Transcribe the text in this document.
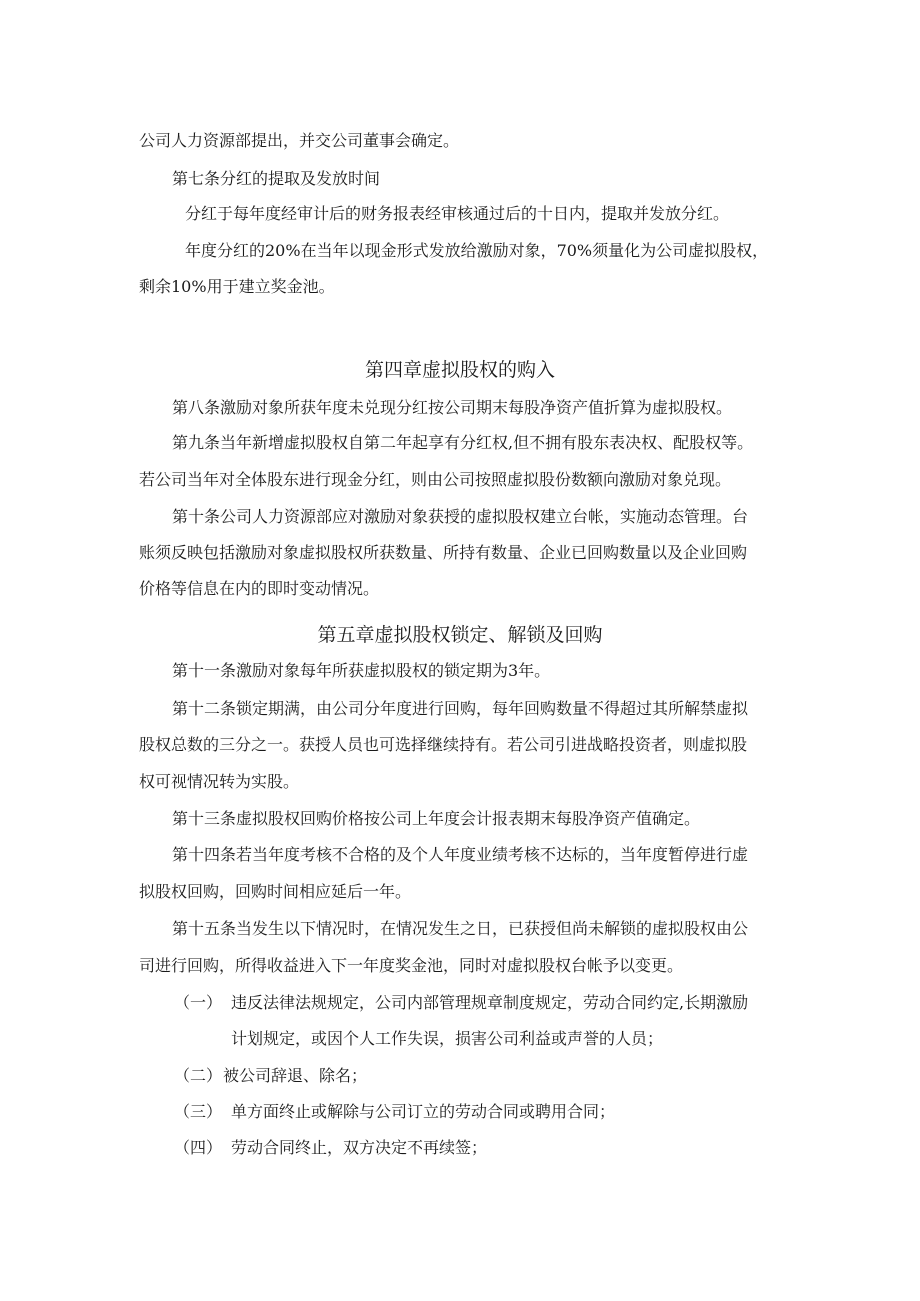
公司人力资源部提出，并交公司董事会确定。
第七条分红的提取及发放时间
分红于每年度经审计后的财务报表经审核通过后的十日内，提取并发放分红。
年度分红的20%在当年以现金形式发放给激励对象，70%须量化为公司虚拟股权，
剩余10%用于建立奖金池。
第四章虚拟股权的购入
第八条激励对象所获年度未兑现分红按公司期末每股净资产值折算为虚拟股权。
第九条当年新增虚拟股权自第二年起享有分红权,但不拥有股东表决权、配股权等。
若公司当年对全体股东进行现金分红，则由公司按照虚拟股份数额向激励对象兑现。
第十条公司人力资源部应对激励对象获授的虚拟股权建立台帐，实施动态管理。台
账须反映包括激励对象虚拟股权所获数量、所持有数量、企业已回购数量以及企业回购
价格等信息在内的即时变动情况。
第五章虚拟股权锁定、解锁及回购
第十一条激励对象每年所获虚拟股权的锁定期为3年。
第十二条锁定期满，由公司分年度进行回购，每年回购数量不得超过其所解禁虚拟
股权总数的三分之一。获授人员也可选择继续持有。若公司引进战略投资者，则虚拟股
权可视情况转为实股。
第十三条虚拟股权回购价格按公司上年度会计报表期末每股净资产值确定。
第十四条若当年度考核不合格的及个人年度业绩考核不达标的，当年度暂停进行虚
拟股权回购，回购时间相应延后一年。
第十五条当发生以下情况时，在情况发生之日，已获授但尚未解锁的虚拟股权由公
司进行回购，所得收益进入下一年度奖金池，同时对虚拟股权台帐予以变更。
（一） 违反法律法规规定，公司内部管理规章制度规定，劳动合同约定,长期激励
计划规定，或因个人工作失误，损害公司利益或声誉的人员；
（二） 被公司辞退、除名；
（三） 单方面终止或解除与公司订立的劳动合同或聘用合同；
（四） 劳动合同终止，双方决定不再续签；
